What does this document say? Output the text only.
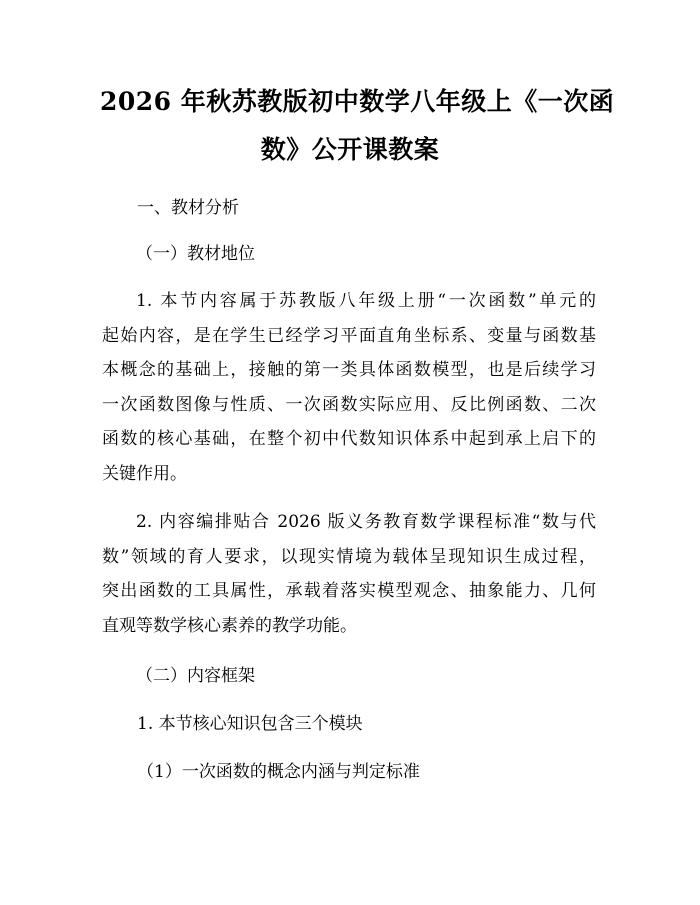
2026 年秋苏教版初中数学八年级上《一次函
数》公开课教案
一、教材分析
（一）教材地位
1. 本节内容属于苏教版八年级上册“一次函数”单元的
起始内容，是在学生已经学习平面直角坐标系、变量与函数基
本概念的基础上，接触的第一类具体函数模型，也是后续学习
一次函数图像与性质、一次函数实际应用、反比例函数、二次
函数的核心基础，在整个初中代数知识体系中起到承上启下的
关键作用。
2. 内容编排贴合 2026 版义务教育数学课程标准“数与代
数”领域的育人要求，以现实情境为载体呈现知识生成过程，
突出函数的工具属性，承载着落实模型观念、抽象能力、几何
直观等数学核心素养的教学功能。
（二）内容框架
1. 本节核心知识包含三个模块
（1）一次函数的概念内涵与判定标准
